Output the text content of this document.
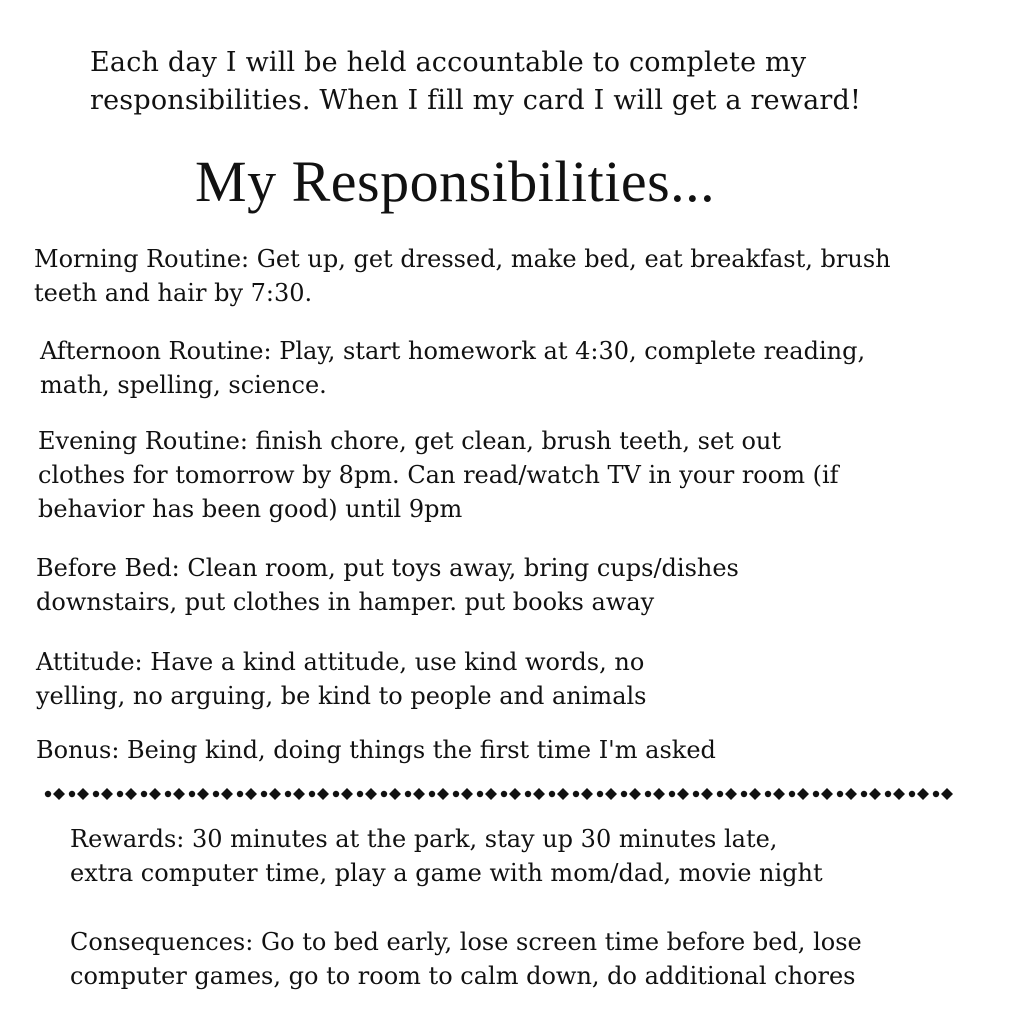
Each day I will be held accountable to complete my

responsibilities. When I fill my card I will get a reward!

My Responsibilities...
Morning Routine: Get up, get dressed, make bed, eat breakfast, brush
teeth and hair by 7:30.
Afternoon Routine: Play, start homework at 4:30, complete reading,
math, spelling, science.
Evening Routine: finish chore, get clean, brush teeth, set out
clothes for tomorrow by 8pm. Can read/watch TV in your room (if
behavior has been good) until 9pm
Before Bed: Clean room, put toys away, bring cups/dishes
downstairs, put clothes in hamper. put books away
Attitude: Have a kind attitude, use kind words, no
yelling, no arguing, be kind to people and animals
Bonus: Being kind, doing things the first time I'm asked
Rewards: 30 minutes at the park, stay up 30 minutes late,
extra computer time, play a game with mom/dad, movie night
Consequences: Go to bed early, lose screen time before bed, lose
computer games, go to room to calm down, do additional chores
